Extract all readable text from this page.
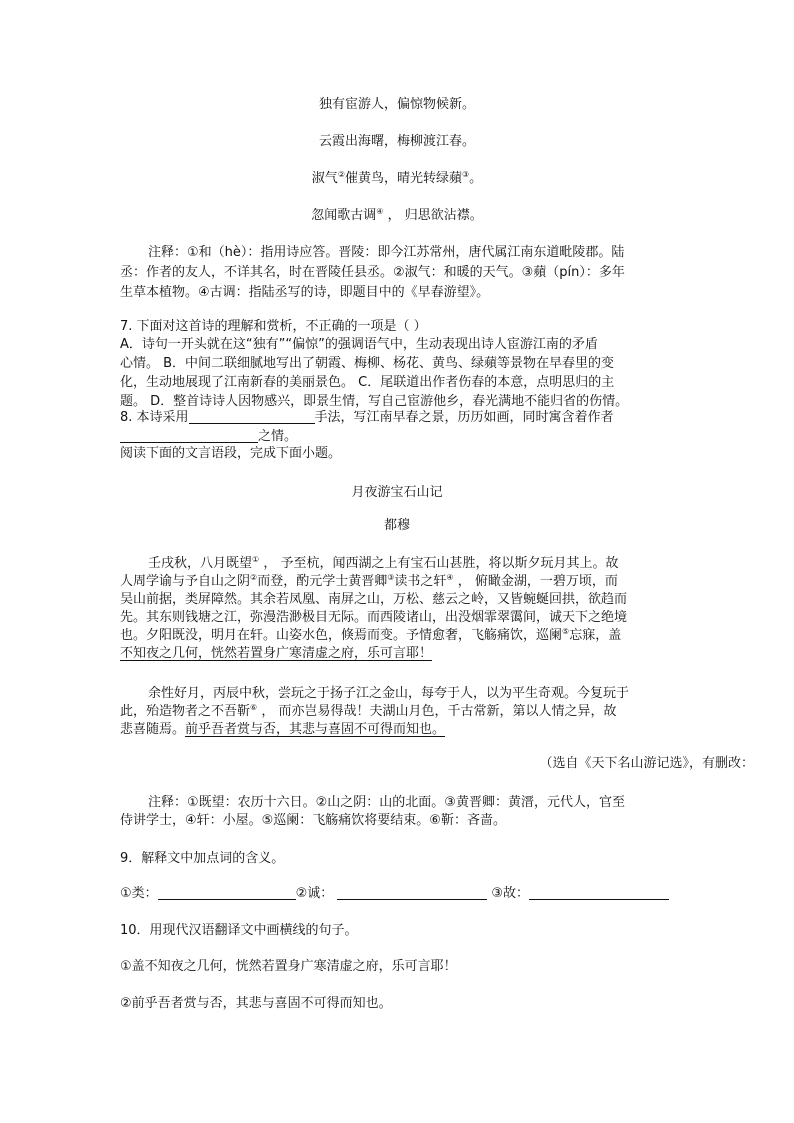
独有宦游人，偏惊物候新。
云霞出海曙，梅柳渡江春。
淑气②催黄鸟，晴光转绿蘋③。
忽闻歌古调④ ， 归思欲沾襟。
注释：①和（hè）：指用诗应答。晋陵：即今江苏常州，唐代属江南东道毗陵郡。陆
丞：作者的友人，不详其名，时在晋陵任县丞。②淑气：和暖的天气。③蘋（pín）：多年
生草本植物。④古调：指陆丞写的诗，即题目中的《早春游望》。
7. 下面对这首诗的理解和赏析，不正确的一项是（ ）
A．诗句一开头就在这“独有”“偏惊”的强调语气中，生动表现出诗人宦游江南的矛盾
心情。 B．中间二联细腻地写出了朝霞、梅柳、杨花、黄鸟、绿蘋等景物在早春里的变
化，生动地展现了江南新春的美丽景色。 C．尾联道出作者伤春的本意，点明思归的主
题。 D．整首诗诗人因物感兴，即景生情，写自己宦游他乡，春光满地不能归省的伤情。
8. 本诗采用	手法，写江南早春之景，历历如画，同时寓含着作者
之情。
阅读下面的文言语段，完成下面小题。
月夜游宝石山记
都穆
壬戌秋，八月既望① ， 予至杭，闻西湖之上有宝石山甚胜，将以斯夕玩月其上。故
人周学谕与予自山之阴②而登，酌元学士黄晋卿③读书之轩④ ， 俯瞰金湖，一碧万顷，而
吴山前据，类屏障然。其余若凤凰、南屏之山，万松、慈云之岭，又皆蜿蜒回拱，欲趋而
先。其东则钱塘之江，弥漫浩渺极目无际。而西陵诸山，出没烟霏翠霭间，诚天下之绝境
也。夕阳既没，明月在轩。山姿水色，倏焉而变。予情愈奢，飞觞痛饮，巡阑⑤忘寐，盖
不知夜之几何，恍然若置身广寒清虚之府，乐可言耶！
余性好月，丙辰中秋，尝玩之于扬子江之金山，每夸于人，以为平生奇观。今复玩于
此，殆造物者之不吾靳⑥ ， 而亦岂易得哉！夫湖山月色，千古常新，第以人情之异，故
悲喜随焉。前乎吾者赏与否，其悲与喜固不可得而知也。
（选自《天下名山游记选》，有删改：
注释：①既望：农历十六日。②山之阴：山的北面。③黄晋卿：黄溍，元代人，官至
侍讲学士，④轩：小屋。⑤巡阑：飞觞痛饮将要结束。⑥靳：吝啬。
9．解释文中加点词的含义。
①类：	②诚：	③故：
10．用现代汉语翻译文中画横线的句子。
①盖不知夜之几何，恍然若置身广寒清虚之府，乐可言耶！
②前乎吾者赏与否，其悲与喜固不可得而知也。
